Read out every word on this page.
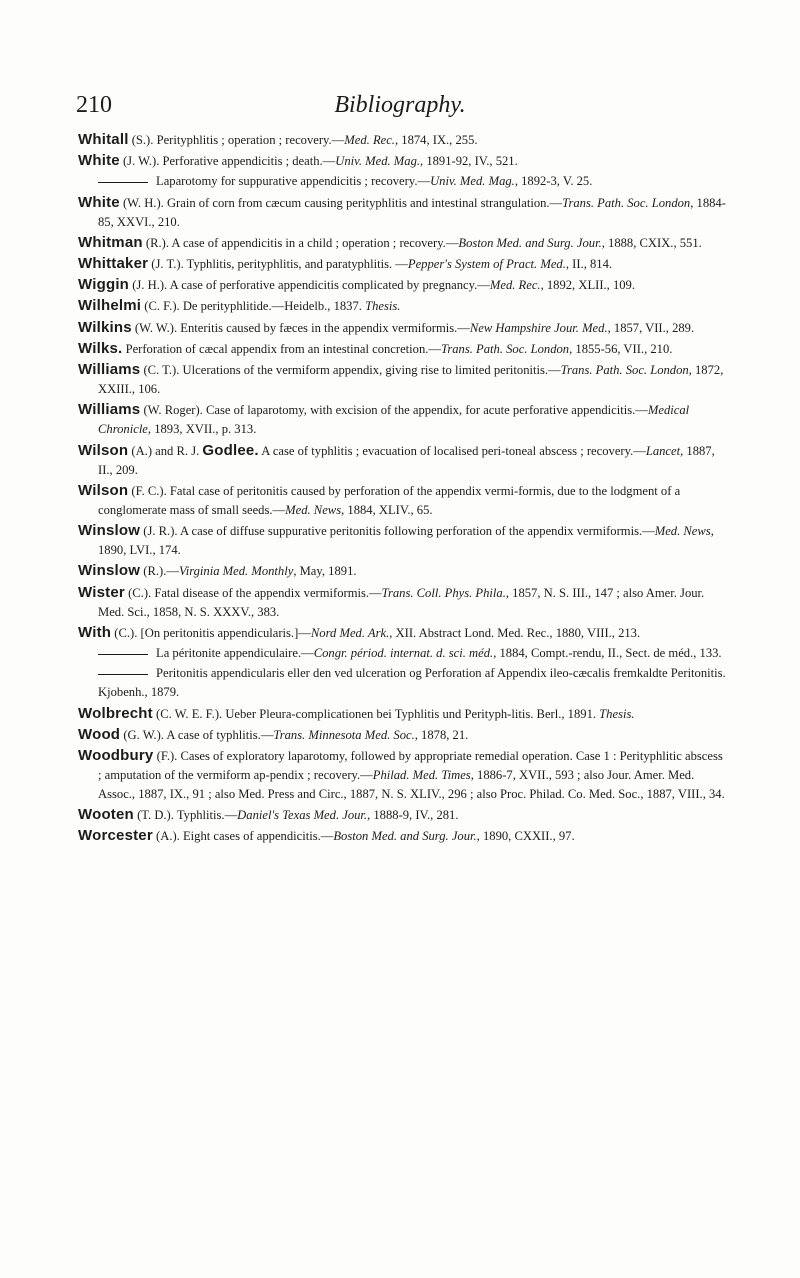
210	Bibliography.
Whitall (S.). Perityphlitis ; operation ; recovery.—Med. Rec., 1874, IX., 255.
White (J. W.). Perforative appendicitis ; death.—Univ. Med. Mag., 1891-92, IV., 521.
Laparotomy for suppurative appendicitis ; recovery.—Univ. Med. Mag., 1892-3, V. 25.
White (W. H.). Grain of corn from cæcum causing perityphlitis and intestinal strangulation.—Trans. Path. Soc. London, 1884-85, XXVI., 210.
Whitman (R.). A case of appendicitis in a child ; operation ; recovery.—Boston Med. and Surg. Jour., 1888, CXIX., 551.
Whittaker (J. T.). Typhlitis, perityphlitis, and paratyphlitis. —Pepper's System of Pract. Med., II., 814.
Wiggin (J. H.). A case of perforative appendicitis complicated by pregnancy.—Med. Rec., 1892, XLII., 109.
Wilhelmi (C. F.). De perityphlitide.—Heidelb., 1837. Thesis.
Wilkins (W. W.). Enteritis caused by fæces in the appendix vermiformis.—New Hampshire Jour. Med., 1857, VII., 289.
Wilks. Perforation of cæcal appendix from an intestinal concretion.—Trans. Path. Soc. London, 1855-56, VII., 210.
Williams (C. T.). Ulcerations of the vermiform appendix, giving rise to limited peritonitis.—Trans. Path. Soc. London, 1872, XXIII., 106.
Williams (W. Roger). Case of laparotomy, with excision of the appendix, for acute perforative appendicitis.—Medical Chronicle, 1893, XVII., p. 313.
Wilson (A.) and R. J. Godlee. A case of typhlitis ; evacuation of localised peri-toneal abscess ; recovery.—Lancet, 1887, II., 209.
Wilson (F. C.). Fatal case of peritonitis caused by perforation of the appendix vermi-formis, due to the lodgment of a conglomerate mass of small seeds.—Med. News, 1884, XLIV., 65.
Winslow (J. R.). A case of diffuse suppurative peritonitis following perforation of the appendix vermiformis.—Med. News, 1890, LVI., 174.
Winslow (R.).—Virginia Med. Monthly, May, 1891.
Wister (C.). Fatal disease of the appendix vermiformis.—Trans. Coll. Phys. Phila., 1857, N. S. III., 147 ; also Amer. Jour. Med. Sci., 1858, N. S. XXXV., 383.
With (C.). [On peritonitis appendicularis.]—Nord Med. Ark., XII. Abstract Lond. Med. Rec., 1880, VIII., 213.
La péritonite appendiculaire.—Congr. périod. internat. d. sci. méd., 1884, Compt.-rendu, II., Sect. de méd., 133.
Peritonitis appendicularis eller den ved ulceration og Perforation af Appendix ileo-cæcalis fremkaldte Peritonitis. Kjobenh., 1879.
Wolbrecht (C. W. E. F.). Ueber Pleura-complicationen bei Typhlitis und Perityph-litis. Berl., 1891. Thesis.
Wood (G. W.). A case of typhlitis.—Trans. Minnesota Med. Soc., 1878, 21.
Woodbury (F.). Cases of exploratory laparotomy, followed by appropriate remedial operation. Case 1 : Perityphlitic abscess ; amputation of the vermiform ap-pendix ; recovery.—Philad. Med. Times, 1886-7, XVII., 593 ; also Jour. Amer. Med. Assoc., 1887, IX., 91 ; also Med. Press and Circ., 1887, N. S. XLIV., 296 ; also Proc. Philad. Co. Med. Soc., 1887, VIII., 34.
Wooten (T. D.). Typhlitis.—Daniel's Texas Med. Jour., 1888-9, IV., 281.
Worcester (A.). Eight cases of appendicitis.—Boston Med. and Surg. Jour., 1890, CXXII., 97.
